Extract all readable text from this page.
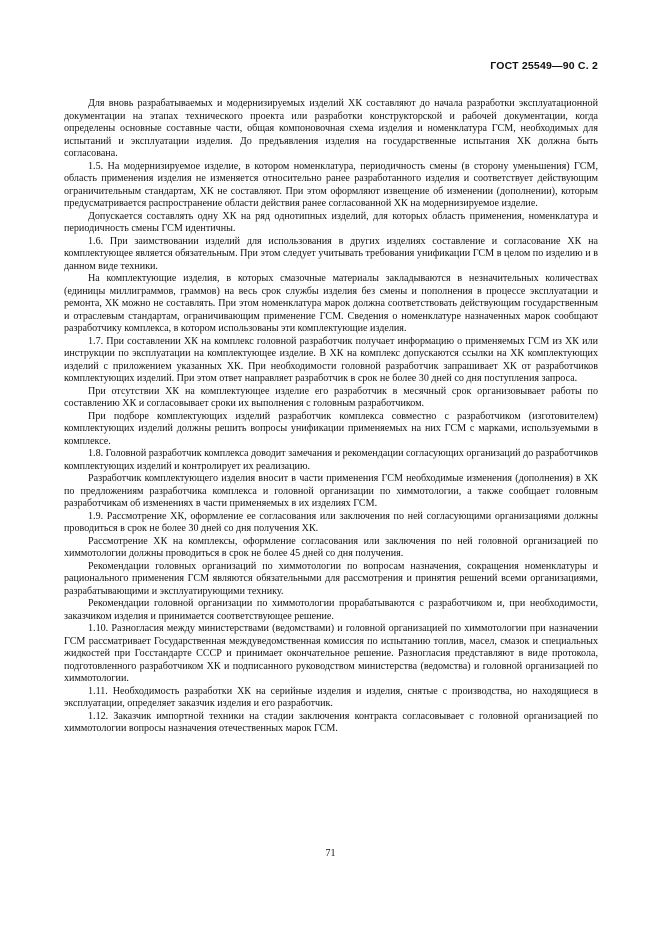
ГОСТ 25549—90 С. 2

Для вновь разрабатываемых и модернизируемых изделий ХК составляют до начала разработки эксплуатационной документации на этапах технического проекта или разработки конструкторской и рабочей документации, когда определены основные составные части, общая компоновочная схема изделия и номенклатура ГСМ, необходимых для испытаний и эксплуатации изделия. До предъявления изделия на государственные испытания ХК должна быть согласована.

1.5. На модернизируемое изделие, в котором номенклатура, периодичность смены (в сторону уменьшения) ГСМ, область применения изделия не изменяется относительно ранее разработанного изделия и соответствует действующим ограничительным стандартам, ХК не составляют. При этом оформляют извещение об изменении (дополнении), которым предусматривается распространение области действия ранее согласованной ХК на модернизируемое изделие.

Допускается составлять одну ХК на ряд однотипных изделий, для которых область применения, номенклатура и периодичность смены ГСМ идентичны.

1.6. При заимствовании изделий для использования в других изделиях составление и согласование ХК на комплектующее является обязательным. При этом следует учитывать требования унификации ГСМ в целом по изделию и в данном виде техники.

На комплектующие изделия, в которых смазочные материалы закладываются в незначительных количествах (единицы миллиграммов, граммов) на весь срок службы изделия без смены и пополнения в процессе эксплуатации и ремонта, ХК можно не составлять. При этом номенклатура марок должна соответствовать действующим государственным и отраслевым стандартам, ограничивающим применение ГСМ. Сведения о номенклатуре назначенных марок сообщают разработчику комплекса, в котором использованы эти комплектующие изделия.

1.7. При составлении ХК на комплекс головной разработчик получает информацию о применяемых ГСМ из ХК или инструкции по эксплуатации на комплектующее изделие. В ХК на комплекс допускаются ссылки на ХК комплектующих изделий с приложением указанных ХК. При необходимости головной разработчик запрашивает ХК от разработчиков комплектующих изделий. При этом ответ направляет разработчик в срок не более 30 дней со дня поступления запроса.

При отсутствии ХК на комплектующее изделие его разработчик в месячный срок организовывает работы по составлению ХК и согласовывает сроки их выполнения с головным разработчиком.

При подборе комплектующих изделий разработчик комплекса совместно с разработчиком (изготовителем) комплектующих изделий должны решить вопросы унификации применяемых на них ГСМ с марками, используемыми в комплексе.

1.8. Головной разработчик комплекса доводит замечания и рекомендации согласующих организаций до разработчиков комплектующих изделий и контролирует их реализацию.

Разработчик комплектующего изделия вносит в части применения ГСМ необходимые изменения (дополнения) в ХК по предложениям разработчика комплекса и головной организации по химмотологии, а также сообщает головным разработчикам об изменениях в части применяемых в их изделиях ГСМ.

1.9. Рассмотрение ХК, оформление ее согласования или заключения по ней согласующими организациями должны проводиться в срок не более 30 дней со дня получения ХК.

Рассмотрение ХК на комплексы, оформление согласования или заключения по ней головной организацией по химмотологии должны проводиться в срок не более 45 дней со дня получения.

Рекомендации головных организаций по химмотологии по вопросам назначения, сокращения номенклатуры и рационального применения ГСМ являются обязательными для рассмотрения и принятия решений всеми организациями, разрабатывающими и эксплуатирующими технику.

Рекомендации головной организации по химмотологии прорабатываются с разработчиком и, при необходимости, заказчиком изделия и принимается соответствующее решение.

1.10. Разногласия между министерствами (ведомствами) и головной организацией по химмотологии при назначении ГСМ рассматривает Государственная междуведомственная комиссия по испытанию топлив, масел, смазок и специальных жидкостей при Госстандарте СССР и принимает окончательное решение. Разногласия представляют в виде протокола, подготовленного разработчиком ХК и подписанного руководством министерства (ведомства) и головной организацией по химмотологии.

1.11. Необходимость разработки ХК на серийные изделия и изделия, снятые с производства, но находящиеся в эксплуатации, определяет заказчик изделия и его разработчик.

1.12. Заказчик импортной техники на стадии заключения контракта согласовывает с головной организацией по химмотологии вопросы назначения отечественных марок ГСМ.

71
